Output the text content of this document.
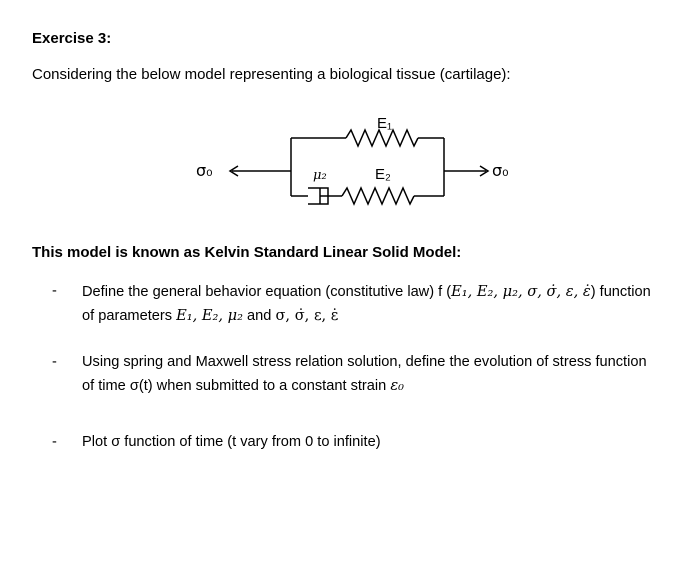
Exercise 3:
Considering the below model representing a biological tissue (cartilage):
σ₀
E₁
μ₂	E₂	σ₀
This model is known as Kelvin Standard Linear Solid Model:
- Define the general behavior equation (constitutive law) f (E₁, E₂, μ₂, σ, σ̇, ε, ε̇) function
of parameters E₁, E₂, μ₂ and σ, σ̇, ε, ε̇
- Using spring and Maxwell stress relation solution, define the evolution of stress function
of time σ(t) when submitted to a constant strain ε₀
- Plot σ function of time (t vary from 0 to infinite)
